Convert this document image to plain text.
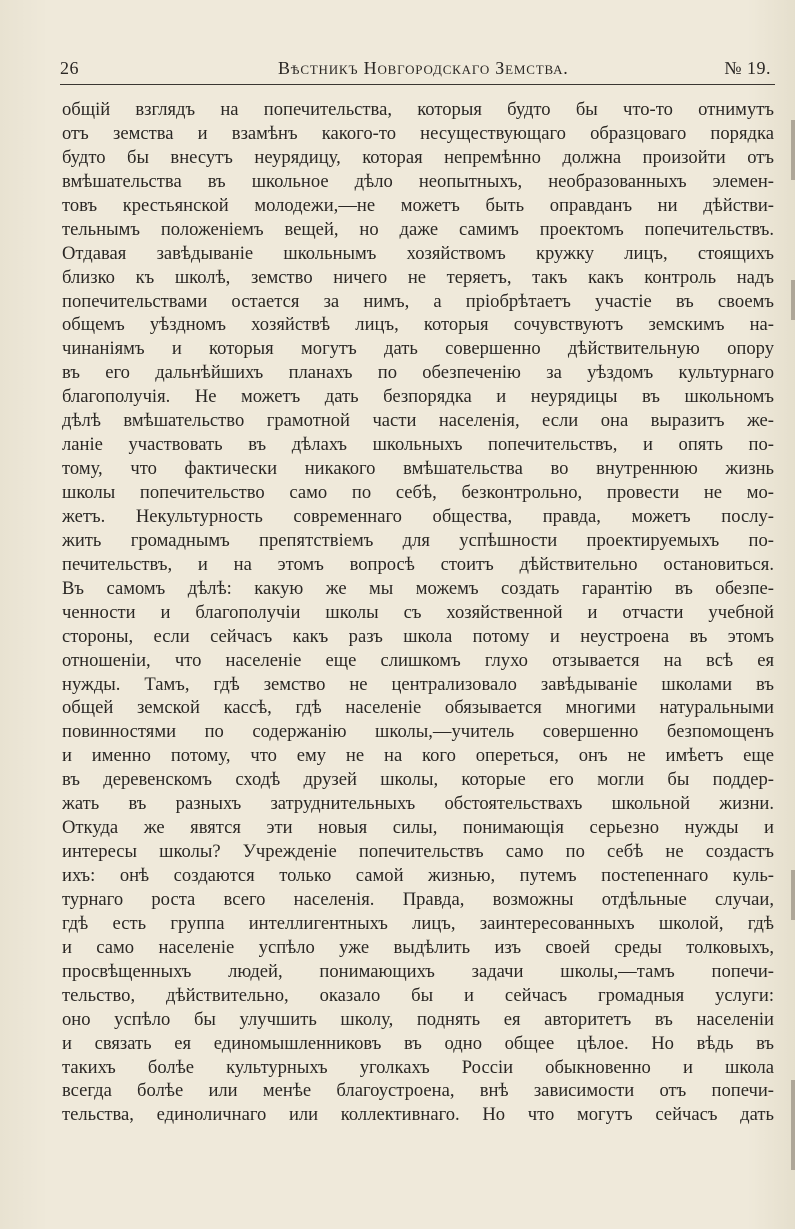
26	Вѣстникъ Новгородскаго Земства.	№ 19.
общiй взглядъ на попечительства, которыя будто бы что-то отнимутъ
отъ земства и взамѣнъ какого-то несуществующаго образцоваго порядка
будто бы внесутъ неурядицу, которая непремѣнно должна произойти отъ
вмѣшательства въ школьное дѣло неопытныхъ, необразованныхъ элемен-
товъ крестьянской молодежи,—не можетъ быть оправданъ ни дѣйстви-
тельнымъ положенiемъ вещей, но даже самимъ проектомъ попечительствъ.
Отдавая завѣдыванiе школьнымъ хозяйствомъ кружку лицъ, стоящихъ
близко къ школѣ, земство ничего не теряетъ, такъ какъ контроль надъ
попечительствами остается за нимъ, а прiобрѣтаетъ участiе въ своемъ
общемъ уѣздномъ хозяйствѣ лицъ, которыя сочувствуютъ земскимъ на-
чинанiямъ и которыя могутъ дать совершенно дѣйствительную опору
въ его дальнѣйшихъ планахъ по обезпеченiю за уѣздомъ культурнаго
благополучiя. Не можетъ дать безпорядка и неурядицы въ школьномъ
дѣлѣ вмѣшательство грамотной части населенiя, если она выразитъ же-
ланiе участвовать въ дѣлахъ школьныхъ попечительствъ, и опять по-
тому, что фактически никакого вмѣшательства во внутреннюю жизнь
школы попечительство само по себѣ, безконтрольно, провести не мо-
жетъ. Некультурность современнаго общества, правда, можетъ послу-
жить громаднымъ препятствiемъ для успѣшности проектируемыхъ по-
печительствъ, и на этомъ вопросѣ стоитъ дѣйствительно остановиться.
Въ самомъ дѣлѣ: какую же мы можемъ создать гарантiю въ обезпе-
ченности и благополучiи школы съ хозяйственной и отчасти учебной
стороны, если сейчасъ какъ разъ школа потому и неустроена въ этомъ
отношенiи, что населенiе еще слишкомъ глухо отзывается на всѣ ея
нужды. Тамъ, гдѣ земство не централизовало завѣдыванiе школами въ
общей земской кассѣ, гдѣ населенiе обязывается многими натуральными
повинностями по содержанiю школы,—учитель совершенно безпомощенъ
и именно потому, что ему не на кого опереться, онъ не имѣетъ еще
въ деревенскомъ сходѣ друзей школы, которые его могли бы поддер-
жать въ разныхъ затруднительныхъ обстоятельствахъ школьной жизни.
Откуда же явятся эти новыя силы, понимающiя серьезно нужды и
интересы школы? Учрежденiе попечительствъ само по себѣ не создастъ
ихъ: онѣ создаются только самой жизнью, путемъ постепеннаго куль-
турнаго роста всего населенiя. Правда, возможны отдѣльные случаи,
гдѣ есть группа интеллигентныхъ лицъ, заинтересованныхъ школой, гдѣ
и само населенiе успѣло уже выдѣлить изъ своей среды толковыхъ,
просвѣщенныхъ людей, понимающихъ задачи школы,—тамъ попечи-
тельство, дѣйствительно, оказало бы и сейчасъ громадныя услуги:
оно успѣло бы улучшить школу, поднять ея авторитетъ въ населенiи
и связать ея единомышленниковъ въ одно общее цѣлое. Но вѣдь въ
такихъ болѣе культурныхъ уголкахъ Россiи обыкновенно и школа
всегда болѣе или менѣе благоустроена, внѣ зависимости отъ попечи-
тельства, единоличнаго или коллективнаго. Но что могутъ сейчасъ дать
